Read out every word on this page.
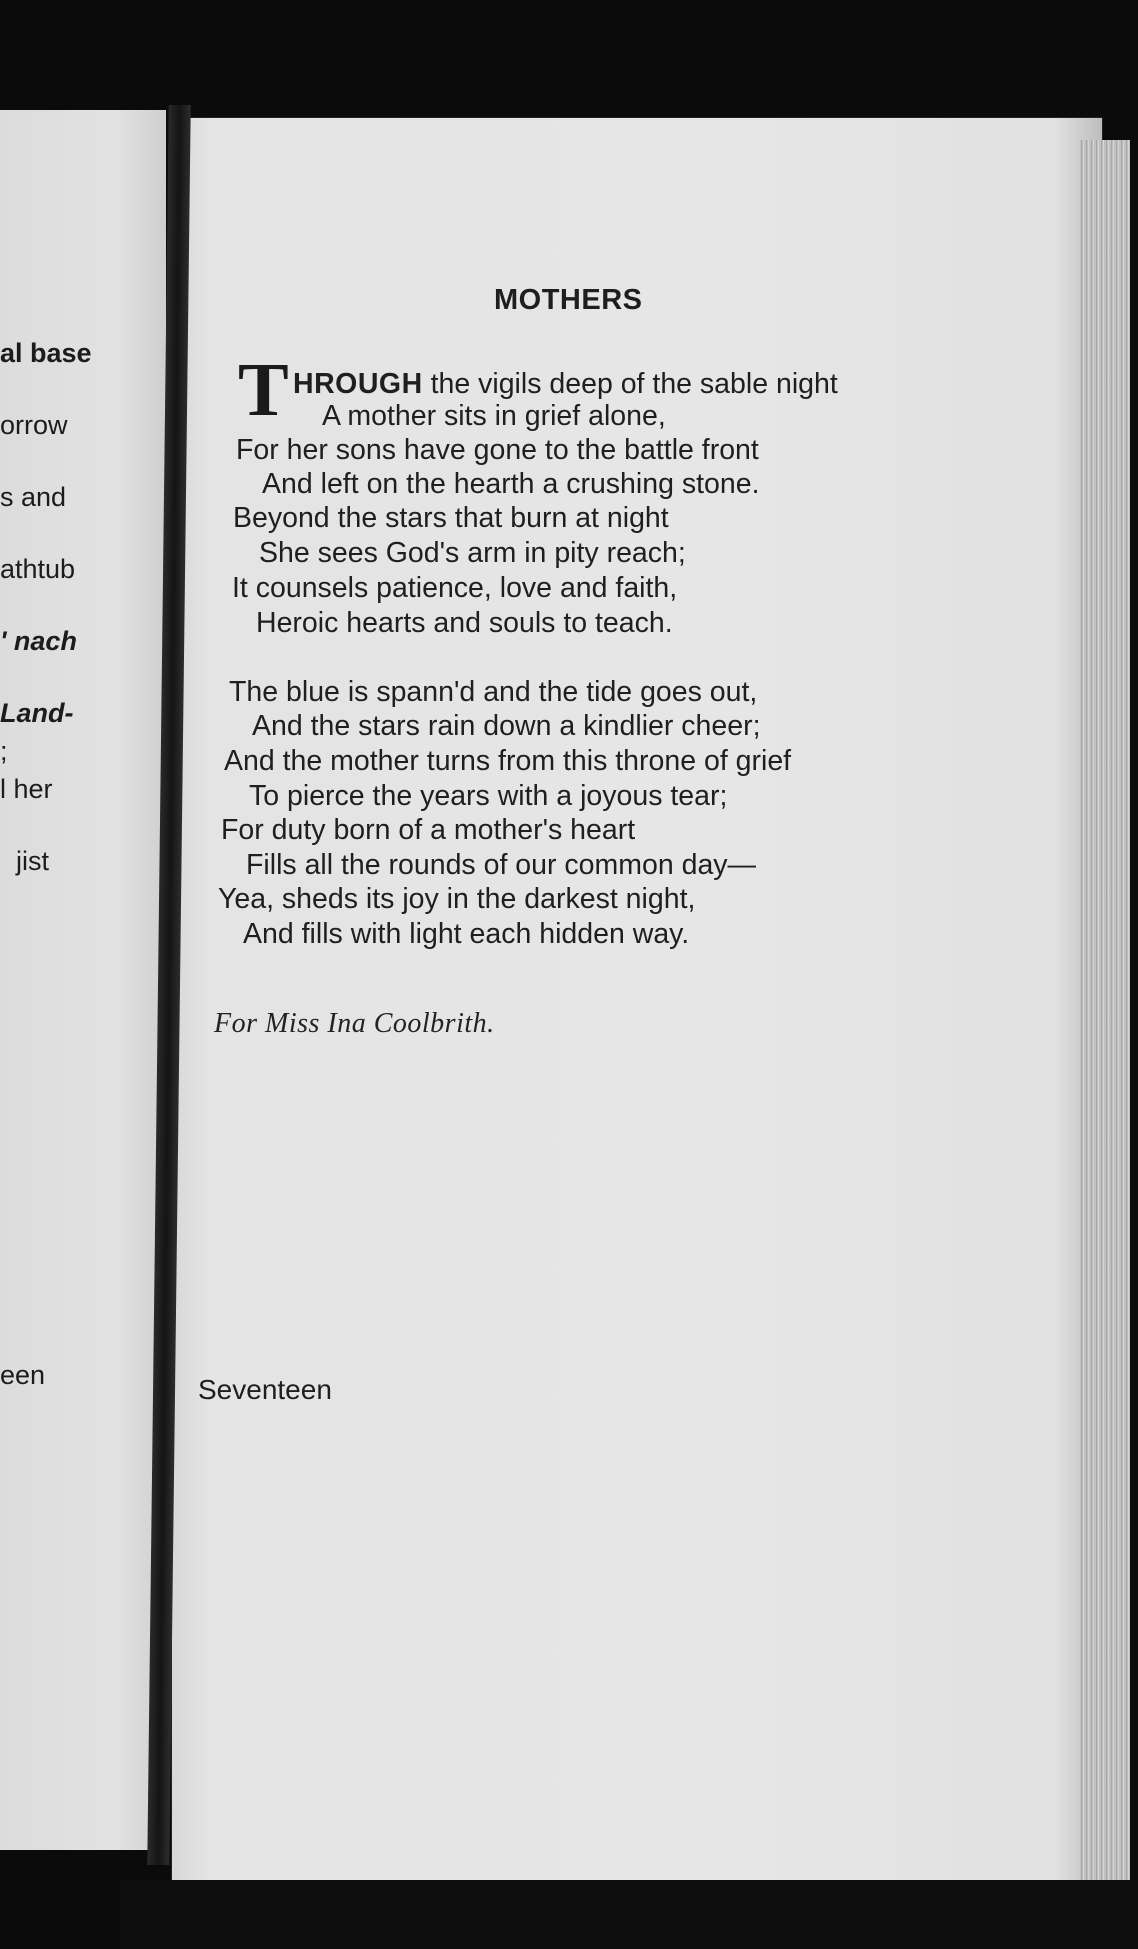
al base
orrow
s and
athtub
' nach
Land-
;
l her
jist
een
MOTHERS
T HROUGH the vigils deep of the sable night
A mother sits in grief alone,
For her sons have gone to the battle front
And left on the hearth a crushing stone.
Beyond the stars that burn at night
She sees God's arm in pity reach;
It counsels patience, love and faith,
Heroic hearts and souls to teach.
The blue is spann'd and the tide goes out,
And the stars rain down a kindlier cheer;
And the mother turns from this throne of grief
To pierce the years with a joyous tear;
For duty born of a mother's heart
Fills all the rounds of our common day—
Yea, sheds its joy in the darkest night,
And fills with light each hidden way.
For Miss Ina Coolbrith.
Seventeen
